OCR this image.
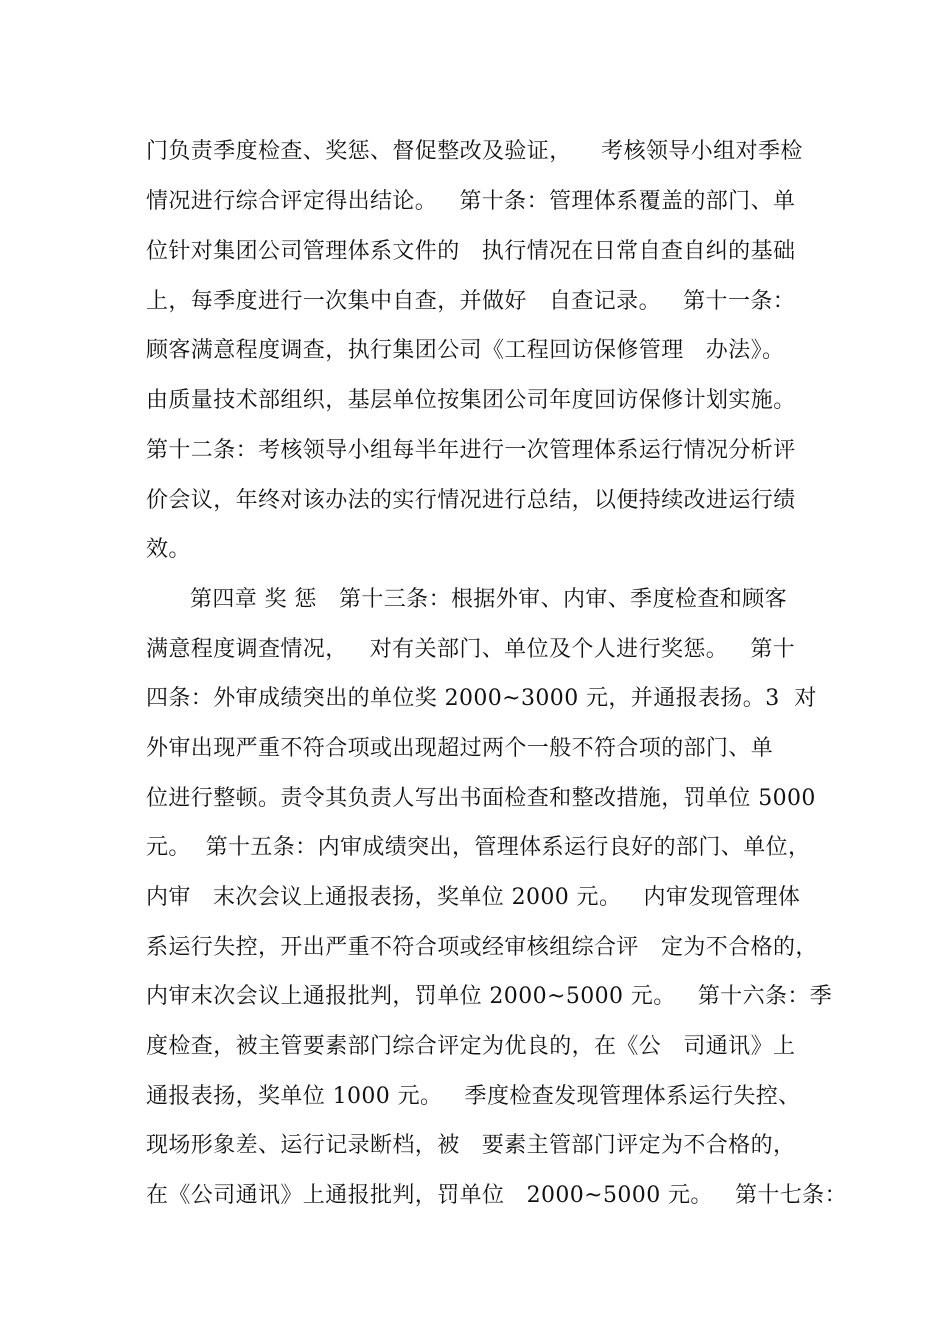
门负责季度检查、奖惩、督促整改及验证，    考核领导小组对季检
情况进行综合评定得出结论。   第十条：管理体系覆盖的部门、单
位针对集团公司管理体系文件的   执行情况在日常自查自纠的基础
上，每季度进行一次集中自查，并做好   自查记录。   第十一条：
顾客满意程度调查，执行集团公司《工程回访保修管理   办法》。
由质量技术部组织，基层单位按集团公司年度回访保修计划实施。
第十二条：考核领导小组每半年进行一次管理体系运行情况分析评
价会议，年终对该办法的实行情况进行总结，以便持续改进运行绩
效。
第四章 奖 惩   第十三条：根据外审、内审、季度检查和顾客
满意程度调查情况，   对有关部门、单位及个人进行奖惩。   第十
四条：外审成绩突出的单位奖 2000~3000 元，并通报表扬。3  对
外审出现严重不符合项或出现超过两个一般不符合项的部门、单
位进行整顿。责令其负责人写出书面检查和整改措施，罚单位 5000
元。  第十五条：内审成绩突出，管理体系运行良好的部门、单位，
内审   末次会议上通报表扬，奖单位 2000 元。   内审发现管理体
系运行失控，开出严重不符合项或经审核组综合评   定为不合格的，
内审末次会议上通报批判，罚单位 2000~5000 元。   第十六条：季
度检查，被主管要素部门综合评定为优良的，在《公   司通讯》上
通报表扬，奖单位 1000 元。   季度检查发现管理体系运行失控、
现场形象差、运行记录断档，被   要素主管部门评定为不合格的，
在《公司通讯》上通报批判，罚单位   2000~5000 元。   第十七条：
